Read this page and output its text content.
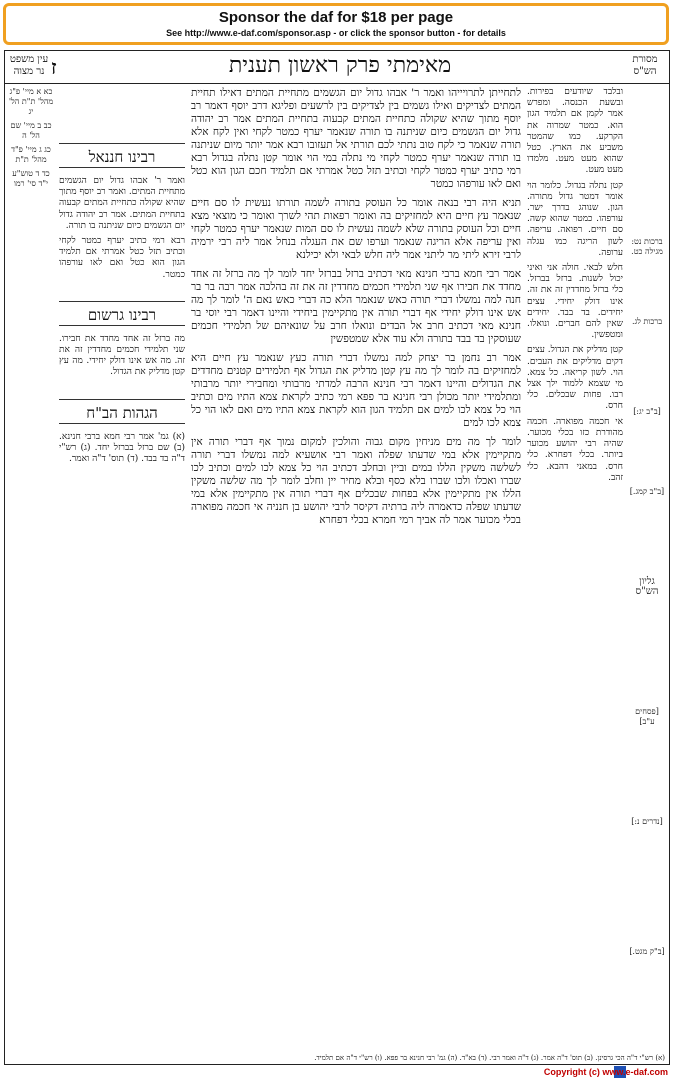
Sponsor the daf for $18 per page
See http://www.e-daf.com/sponsor.asp - or click the sponsor button - for details
עין משפט נר מצוה ז	מאימתי פרק ראשון תענית	מסורת הש"ס
לתחייתן לתרויייהו ואמר ר' אבהו גדול יום הגשמים מתחיית המתים דאילו תחיית המתים לצדיקים ואילו גשמים בין לצדיקים בין לרשעים ופליגא דרב יוסף דאמר רב יוסף מתוך שהיא שקולה כתחיית המתים קבעוה בתחיית המתים אמר רב יהודה גדול יום הגשמים כיום שניתנה בו תורה שנאמר יערף כמטר לקחי ואין לקח אלא תורה שנאמר כי לקח טוב נתתי לכם תורתי אל תעזובו רבא אמר יותר מיום שניתנה בו תורה שנאמר יערף כמטר לקחי מי נתלה במי הוי אומר קטן נתלה בגדול רבא רמי כתיב יערף כמטר לקחי וכתיב תזל כטל אמרתי אם תלמיד חכם הגון הוא כטל ואם לאו עורפהו כמטר
תניא היה רבי בנאה אומר כל העוסק בתורה לשמה תורתו נעשית לו סם חיים שנאמר עץ חיים היא למחזיקים בה ואומר רפאות תהי לשרך ואומר כי מוצאי מצא חיים וכל העוסק בתורה שלא לשמה נעשית לו סם המות שנאמר יערף כמטר לקחי ואין עריפה אלא הריגה שנאמר וערפו שם את העגלה בנחל אמר ליה רבי ירמיה לרבי זירא ליתי מר ליתני אמר ליה חלש לבאי ולא יכילנא
אמר רבי חמא ברבי חנינא מאי דכתיב ברזל בברזל יחד לומר לך מה ברזל זה אחד מחדד את חבירו אף שני תלמידי חכמים מחדדין זה את זה בהלכה אמר רבה בר בר חנה למה נמשלו דברי תורה כאש שנאמר הלא כה דברי כאש נאם ה' לומר לך מה אש אינו דולק יחידי אף דברי תורה אין מתקיימין ביחידי והיינו דאמר רבי יוסי בר חנינא מאי דכתיב חרב אל הבדים ונואלו חרב על שונאיהם של תלמידי חכמים שעוסקין בד בבד בתורה ולא עוד אלא שמטפשין
אמר רב נחמן בר יצחק למה נמשלו דברי תורה כעץ שנאמר עץ חיים היא למחזיקים בה לומר לך מה עץ קטן מדליק את הגדול אף תלמידים קטנים מחדדים את הגדולים והיינו דאמר רבי חנינא הרבה למדתי מרבותי ומחבירי יותר מרבותי ומתלמידי יותר מכולן רבי חנינא בר פפא רמי כתיב לקראת צמא התיו מים וכתיב הוי כל צמא לכו למים אם תלמיד הגון הוא לקראת צמא התיו מים ואם לאו הוי כל צמא לכו למים
לומר לך מה מים מניחין מקום גבוה והולכין למקום נמוך אף דברי תורה אין מתקיימין אלא במי שדעתו שפלה ואמר רבי אושעיא למה נמשלו דברי תורה לשלשה משקין הללו במים וביין ובחלב דכתיב הוי כל צמא לכו למים וכתיב לכו שברו ואכלו ולכו שברו בלא כסף ובלא מחיר יין וחלב לומר לך מה שלשה משקין הללו אין מתקיימין אלא בפחות שבכלים אף דברי תורה אין מתקיימין אלא במי שדעתו שפלה כדאמרה ליה ברתיה דקיסר לרבי יהושע בן חנניה אי חכמה מפוארה בכלי מכוער אמר לה אביך רמי חמרא בכלי דפחרא
ובלבד שיודעים בפירות. ובשעת הכנסה. ומפרש אמר לקמן אם תלמיד הגון הוא. כמטר שמרוה את הקרקע. כמו שהמטר משביע את הארץ. כטל שהוא מעט מעט. מלמדו מעט מעט.
קטן נתלה בגדול. כלומר הוי אומר דמטר גדול מתורה. הגון. שנוהג בדרך ישר. עורפהו. כמטר שהוא קשה. סם חיים. רפואה. עריפה. לשון הריגה כמו עגלה ערופה.
חלש לבאי. חולה אני ואיני יכול לשנות. ברזל בברזל. כלי ברזל מחדדין זה את זה. אינו דולק יחידי. עצים יחידים. בד בבד. יחידים שאין להם חברים. ונואלו. ומטפשין.
קטן מדליק את הגדול. עצים דקים מדליקים את העבים. הוי. לשון קריאה. כל צמא. מי שצמא ללמוד ילך אצל רבו. פחות שבכלים. כלי חרס.
אי חכמה מפוארה. חכמה מהודרת כזו בכלי מכוער. שהיה רבי יהושע מכוער ביותר. בכלי דפחרא. כלי חרס. במאני דהבא. כלי זהב.
ברכות נט: מגילה כט.
ברכות לג.
[ב"ב יג:]
[ב"ב קמג.]
גליון הש"ס
[פסחים ע"ב]
[נדרים נ:]
[ב"ק מגט.]
רבינו חננאל
ואמר ר' אבהו גדול יום הגשמים מתחיית המתים. ואמר רב יוסף מתוך שהיא שקולה כתחיית המתים קבעוה בתחיית המתים. אמר רב יהודה גדול יום הגשמים כיום שניתנה בו תורה.
רבא רמי כתיב יערף כמטר לקחי וכתיב תזל כטל אמרתי אם תלמיד הגון הוא כטל ואם לאו עורפהו כמטר.
רבינו גרשום
מה ברזל זה אחד מחדד את חבירו. שני תלמידי חכמים מחדדין זה את זה. מה אש אינו דולק יחידי. מה עץ קטן מדליק את הגדול.
הגהות הב"ח
(א) גמ' אמר רבי חמא ברבי חנינא. (ב) שם ברזל בברזל יחד. (ג) רש"י ד"ה בד בבד. (ד) תוס' ד"ה ואמר.
כא א מיי' פ"ג מהל' ת"ת הל' יג
כב ב מיי' שם הל' ה
כג ג מיי' פ"ד מהל' ת"ת
כד ד טוש"ע י"ד סי' רמו
(א) רש"י ד"ה הכי גרסינן. (ב) תוס' ד"ה אמר. (ג) ד"ה ואמר רבי. (ד) בא"ד. (ה) גמ' רבי חנינא בר פפא. (ו) רש"י ד"ה אם תלמיד.
Copyright (c) www.e-daf.com
